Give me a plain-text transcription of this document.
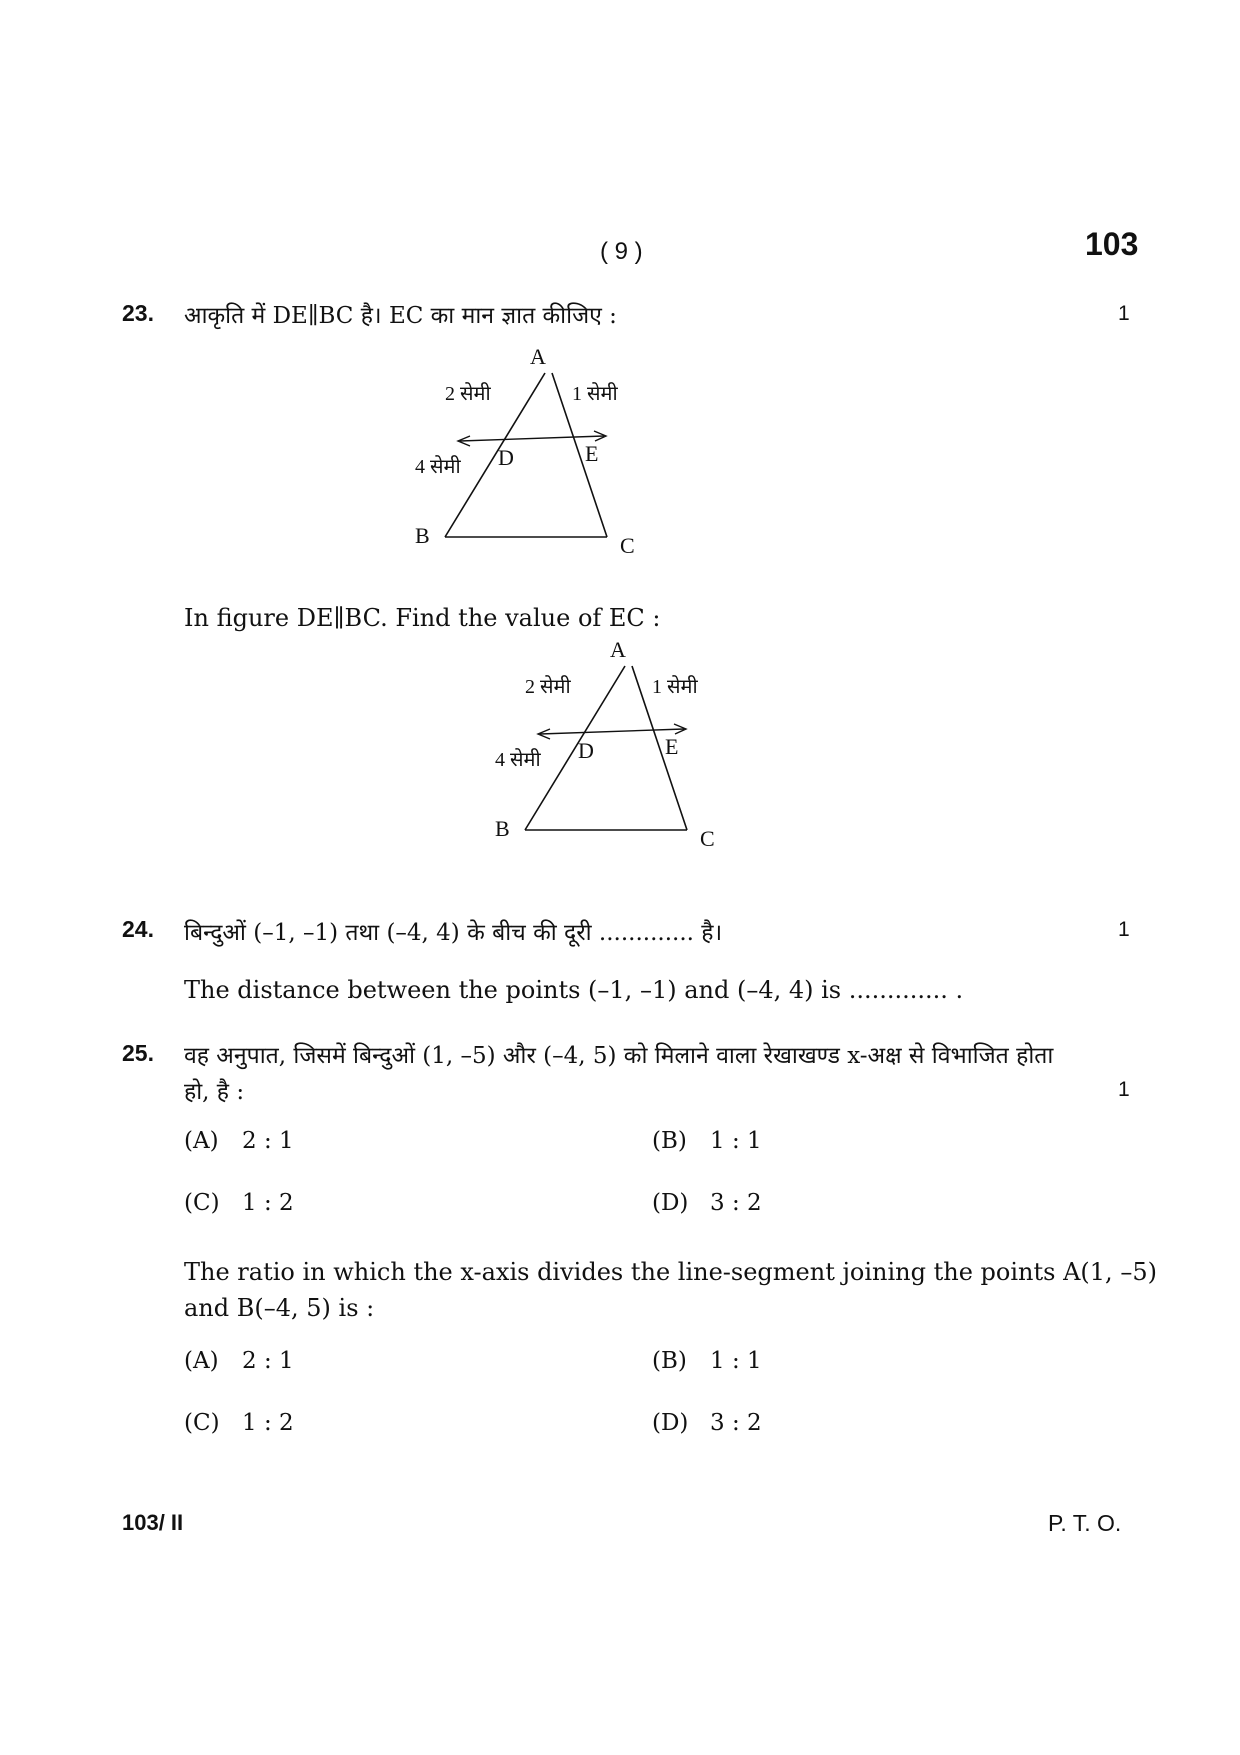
( 9 )	103
23. आकृति में DE∥BC है। EC का मान ज्ञात कीजिए :	1
A
B	C
D	E
2 सेमी	1 सेमी
4 सेमी
In figure DE∥BC. Find the value of EC :
A
B	C
D	E
2 सेमी	1 सेमी
4 सेमी
24. बिन्दुओं (–1, –1) तथा (–4, 4) के बीच की दूरी ............. है।	1
The distance between the points (–1, –1) and (–4, 4) is ............. .
25. वह अनुपात, जिसमें बिन्दुओं (1, –5) और (–4, 5) को मिलाने वाला रेखाखण्ड x-अक्ष से विभाजित होता
हो, है :	1
(A) 2 : 1	(B) 1 : 1
(C) 1 : 2	(D) 3 : 2
The ratio in which the x-axis divides the line-segment joining the points A(1, –5)
and B(–4, 5) is :
(A) 2 : 1	(B) 1 : 1
(C) 1 : 2	(D) 3 : 2
103/ II	P. T. O.
